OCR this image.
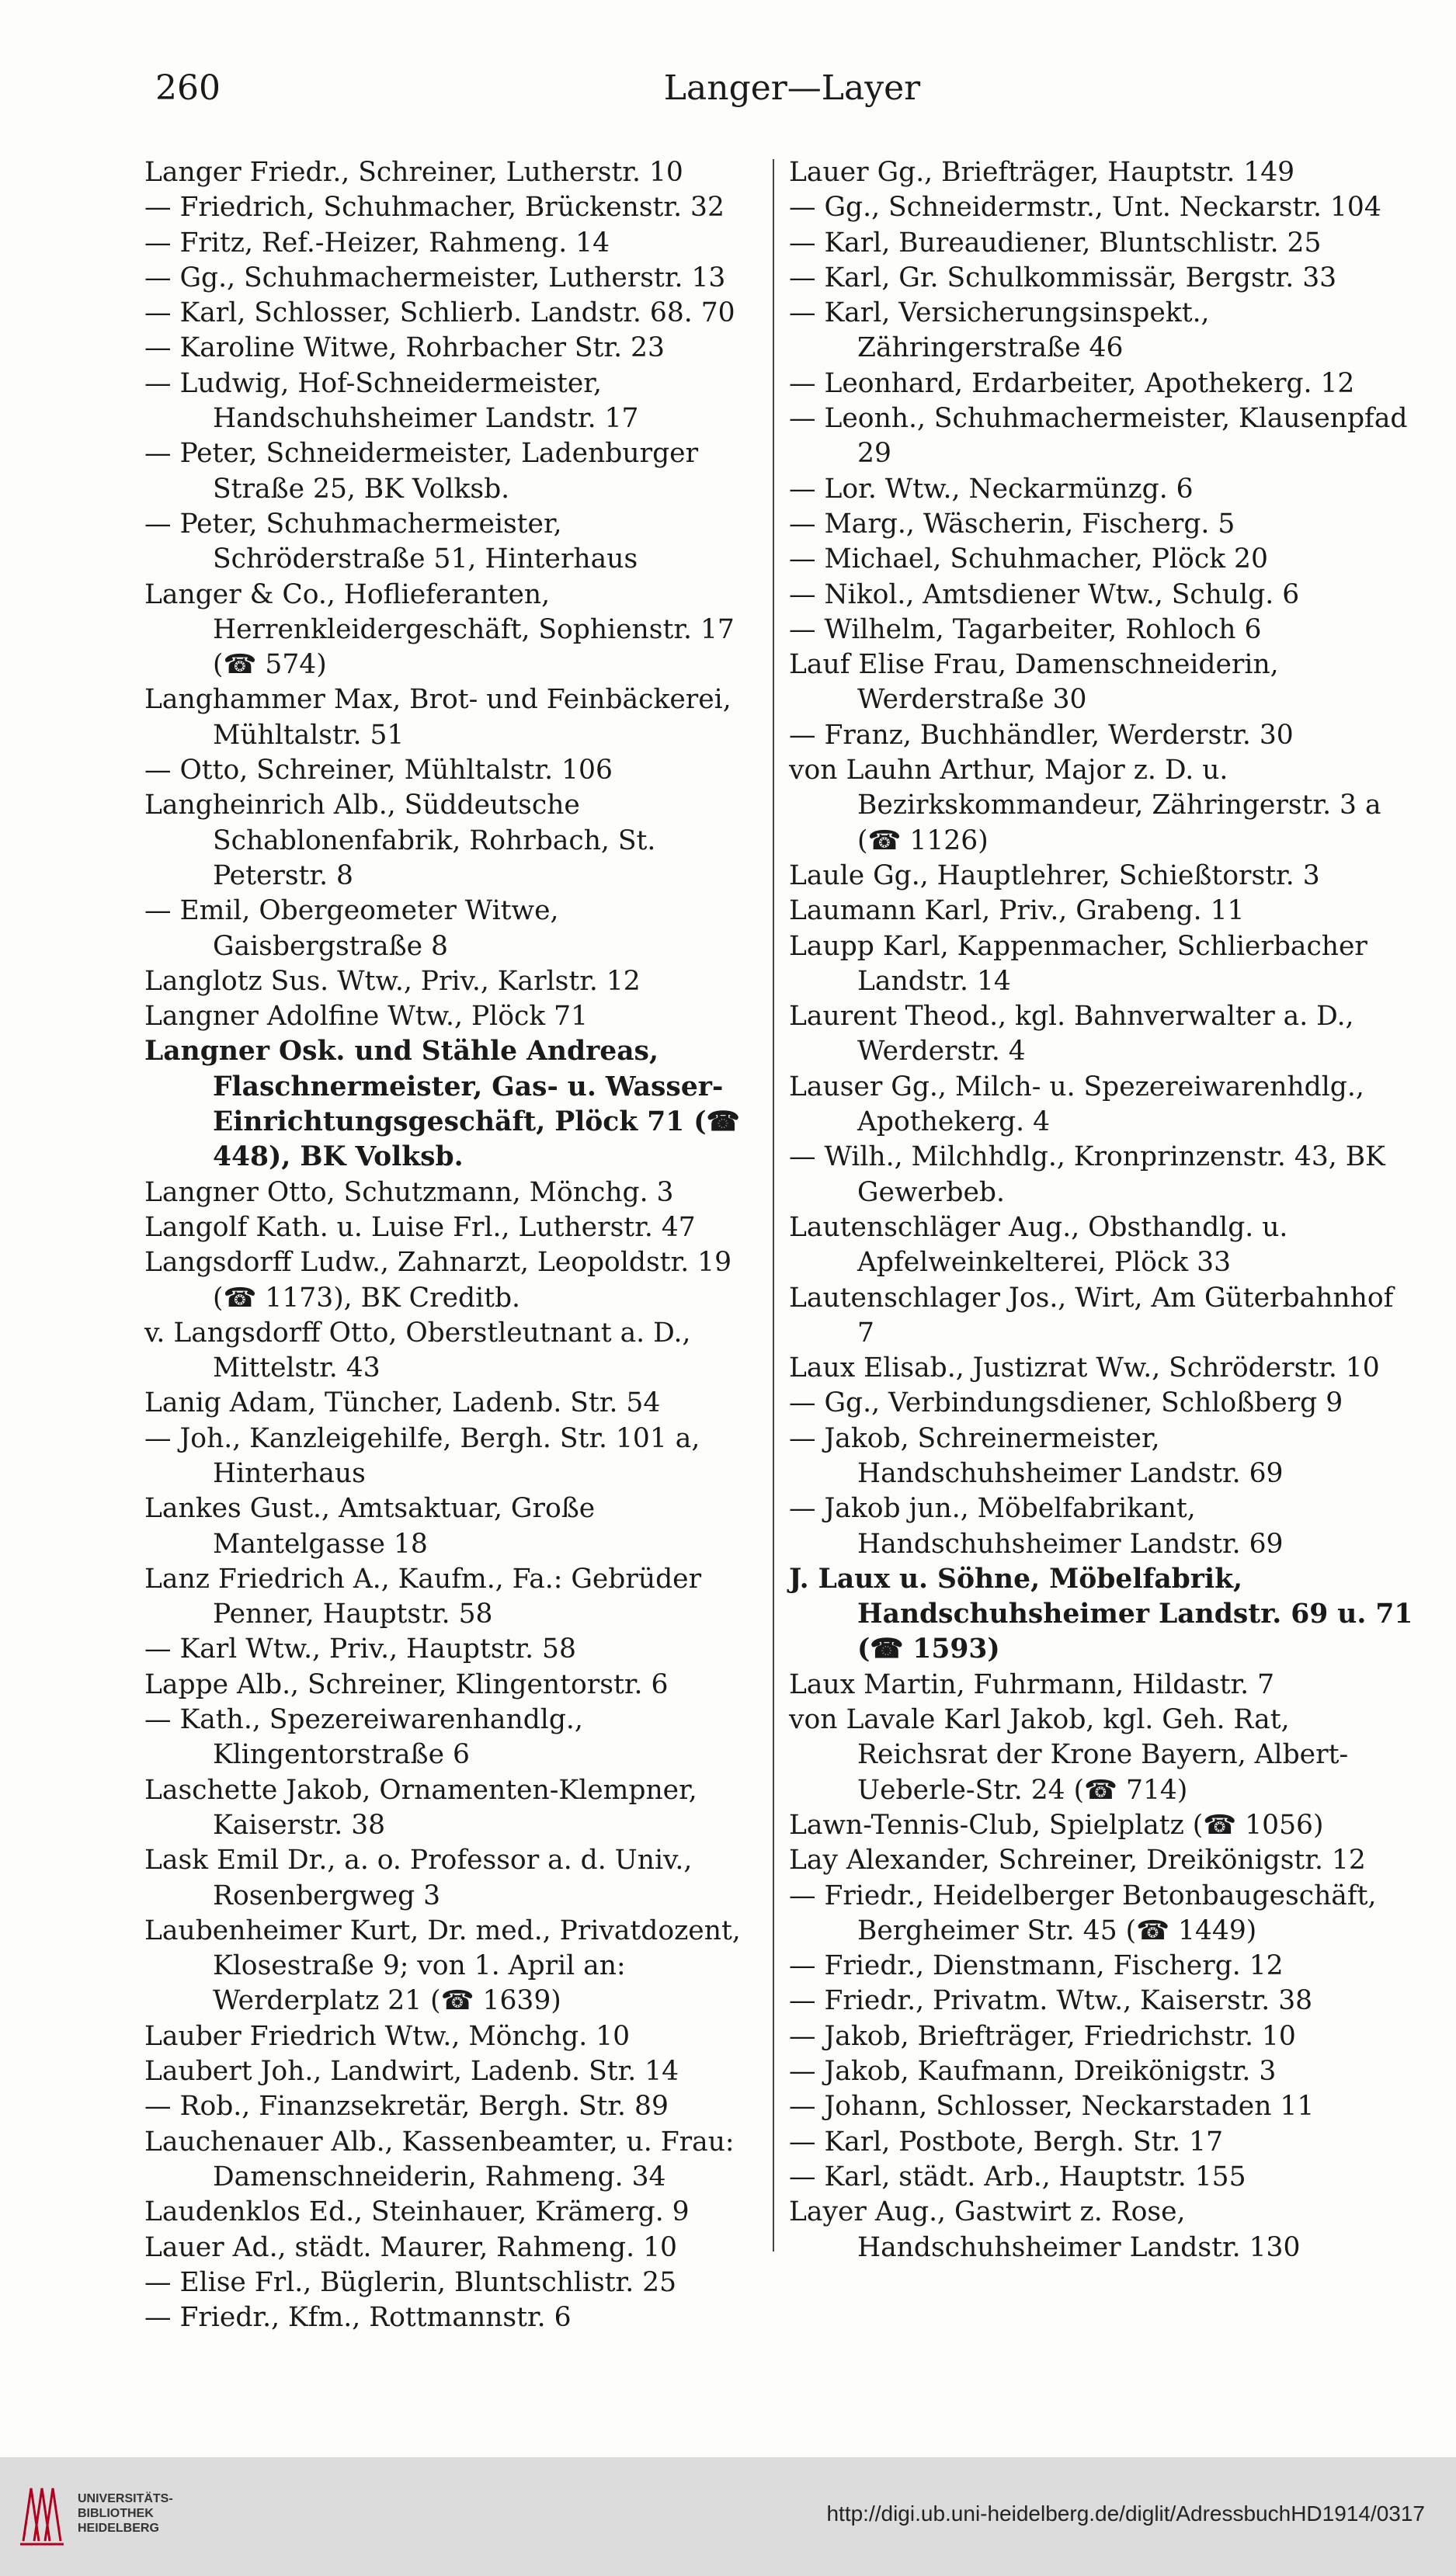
260	Langer—Layer
Langer Friedr., Schreiner, Lutherstr. 10
— Friedrich, Schuhmacher, Brückenstr. 32
— Fritz, Ref.-Heizer, Rahmeng. 14
— Gg., Schuhmachermeister, Lutherstr. 13
— Karl, Schlosser, Schlierb. Landstr. 68. 70
— Karoline Witwe, Rohrbacher Str. 23
— Ludwig, Hof-Schneidermeister, Handschuhsheimer Landstr. 17
— Peter, Schneidermeister, Ladenburger Straße 25, BK Volksb.
— Peter, Schuhmachermeister, Schröderstraße 51, Hinterhaus
Langer & Co., Hoflieferanten, Herrenkleidergeschäft, Sophienstr. 17 (☎ 574)
Langhammer Max, Brot- und Feinbäckerei, Mühltalstr. 51
— Otto, Schreiner, Mühltalstr. 106
Langheinrich Alb., Süddeutsche Schablonenfabrik, Rohrbach, St. Peterstr. 8
— Emil, Obergeometer Witwe, Gaisbergstraße 8
Langlotz Sus. Wtw., Priv., Karlstr. 12
Langner Adolfine Wtw., Plöck 71
Langner Osk. und Stähle Andreas, Flaschnermeister, Gas- u. Wasser-Einrichtungsgeschäft, Plöck 71 (☎ 448), BK Volksb.
Langner Otto, Schutzmann, Mönchg. 3
Langolf Kath. u. Luise Frl., Lutherstr. 47
Langsdorff Ludw., Zahnarzt, Leopoldstr. 19 (☎ 1173), BK Creditb.
v. Langsdorff Otto, Oberstleutnant a. D., Mittelstr. 43
Lanig Adam, Tüncher, Ladenb. Str. 54
— Joh., Kanzleigehilfe, Bergh. Str. 101 a, Hinterhaus
Lankes Gust., Amtsaktuar, Große Mantelgasse 18
Lanz Friedrich A., Kaufm., Fa.: Gebrüder Penner, Hauptstr. 58
— Karl Wtw., Priv., Hauptstr. 58
Lappe Alb., Schreiner, Klingentorstr. 6
— Kath., Spezereiwarenhandlg., Klingentorstraße 6
Laschette Jakob, Ornamenten-Klempner, Kaiserstr. 38
Lask Emil Dr., a. o. Professor a. d. Univ., Rosenbergweg 3
Laubenheimer Kurt, Dr. med., Privatdozent, Klosestraße 9; von 1. April an: Werderplatz 21 (☎ 1639)
Lauber Friedrich Wtw., Mönchg. 10
Laubert Joh., Landwirt, Ladenb. Str. 14
— Rob., Finanzsekretär, Bergh. Str. 89
Lauchenauer Alb., Kassenbeamter, u. Frau: Damenschneiderin, Rahmeng. 34
Laudenklos Ed., Steinhauer, Krämerg. 9
Lauer Ad., städt. Maurer, Rahmeng. 10
— Elise Frl., Büglerin, Bluntschlistr. 25
— Friedr., Kfm., Rottmannstr. 6
Lauer Gg., Briefträger, Hauptstr. 149
— Gg., Schneidermstr., Unt. Neckarstr. 104
— Karl, Bureaudiener, Bluntschlistr. 25
— Karl, Gr. Schulkommissär, Bergstr. 33
— Karl, Versicherungsinspekt., Zähringerstraße 46
— Leonhard, Erdarbeiter, Apothekerg. 12
— Leonh., Schuhmachermeister, Klausenpfad 29
— Lor. Wtw., Neckarmünzg. 6
— Marg., Wäscherin, Fischerg. 5
— Michael, Schuhmacher, Plöck 20
— Nikol., Amtsdiener Wtw., Schulg. 6
— Wilhelm, Tagarbeiter, Rohloch 6
Lauf Elise Frau, Damenschneiderin, Werderstraße 30
— Franz, Buchhändler, Werderstr. 30
von Lauhn Arthur, Major z. D. u. Bezirkskommandeur, Zähringerstr. 3 a (☎ 1126)
Laule Gg., Hauptlehrer, Schießtorstr. 3
Laumann Karl, Priv., Grabeng. 11
Laupp Karl, Kappenmacher, Schlierbacher Landstr. 14
Laurent Theod., kgl. Bahnverwalter a. D., Werderstr. 4
Lauser Gg., Milch- u. Spezereiwarenhdlg., Apothekerg. 4
— Wilh., Milchhdlg., Kronprinzenstr. 43, BK Gewerbeb.
Lautenschläger Aug., Obsthandlg. u. Apfelweinkelterei, Plöck 33
Lautenschlager Jos., Wirt, Am Güterbahnhof 7
Laux Elisab., Justizrat Ww., Schröderstr. 10
— Gg., Verbindungsdiener, Schloßberg 9
— Jakob, Schreinermeister, Handschuhsheimer Landstr. 69
— Jakob jun., Möbelfabrikant, Handschuhsheimer Landstr. 69
J. Laux u. Söhne, Möbelfabrik, Handschuhsheimer Landstr. 69 u. 71 (☎ 1593)
Laux Martin, Fuhrmann, Hildastr. 7
von Lavale Karl Jakob, kgl. Geh. Rat, Reichsrat der Krone Bayern, Albert-Ueberle-Str. 24 (☎ 714)
Lawn-Tennis-Club, Spielplatz (☎ 1056)
Lay Alexander, Schreiner, Dreikönigstr. 12
— Friedr., Heidelberger Betonbaugeschäft, Bergheimer Str. 45 (☎ 1449)
— Friedr., Dienstmann, Fischerg. 12
— Friedr., Privatm. Wtw., Kaiserstr. 38
— Jakob, Briefträger, Friedrichstr. 10
— Jakob, Kaufmann, Dreikönigstr. 3
— Johann, Schlosser, Neckarstaden 11
— Karl, Postbote, Bergh. Str. 17
— Karl, städt. Arb., Hauptstr. 155
Layer Aug., Gastwirt z. Rose, Handschuhsheimer Landstr. 130
UNIVERSITÄTS-BIBLIOTHEK HEIDELBERG
http://digi.ub.uni-heidelberg.de/diglit/AdressbuchHD1914/0317
